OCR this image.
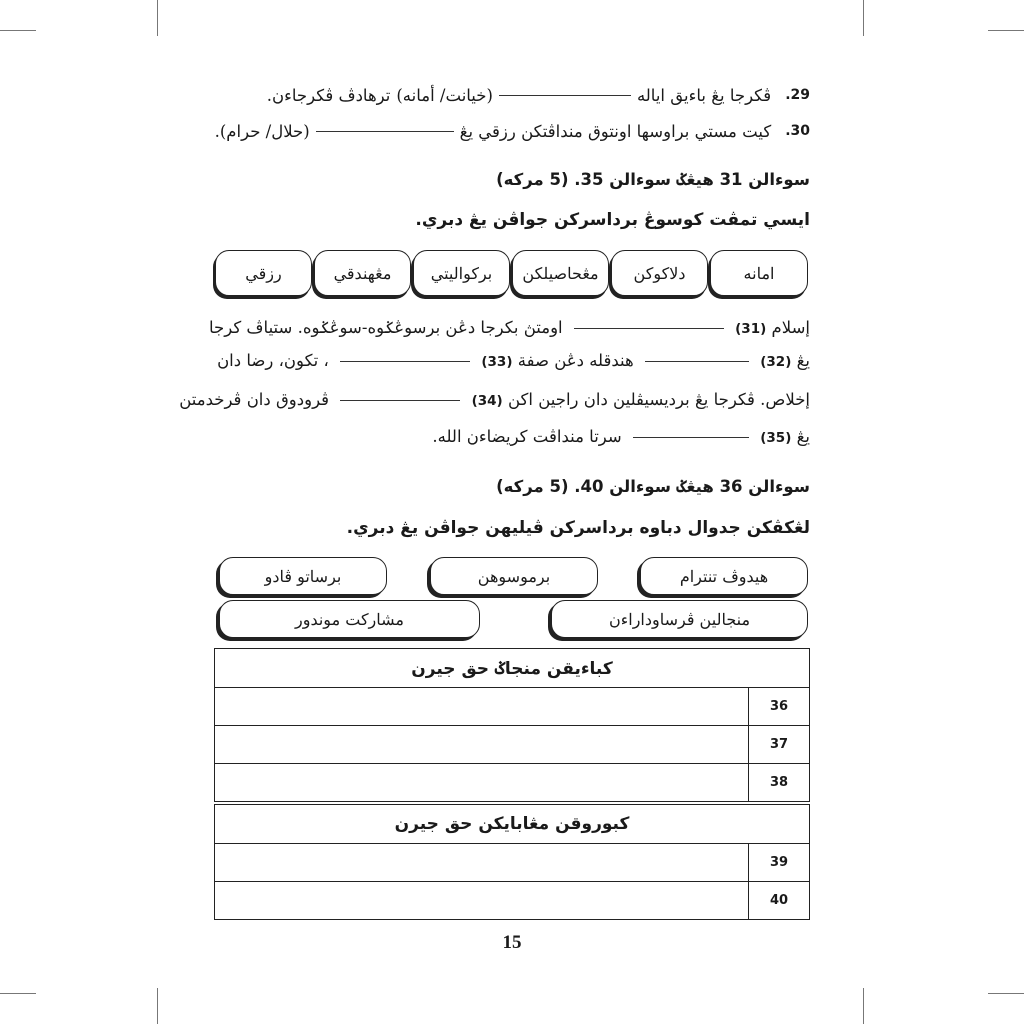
.29
ڤكرجا يڠ باءيق اياله
(خيانت/ أمانه)
ترهادڤ ڤكرجاءن.
.30
كيت مستي براوسها اونتوق منداڤتكن رزقي يڠ
(حلال/ حرام).
سوءالن 31 هيڠݢ سوءالن 35. (5 مركه)
ايسي تمڤت كوسوڠ برداسركن جواڤن يڠ دبري.
امانه
دلاكوكن
مڠحاصيلكن
بركواليتي
مڠهندقي
رزقي
إسلام (31)  اومتڽ بكرجا دڠن برسوڠݢوه-سوڠݢوه. ستياڤ كرجا
يڠ (32)  هندقله دڠن صفة (33)  ، تكون، رضا دان
إخلاص. ڤكرجا يڠ برديسيڤلين دان راجين اكن (34)  ڤرودوق دان ڤرخدمتن
يڠ (35)  سرتا منداڤت كريضاءن الله.
سوءالن 36 هيڠݢ سوءالن 40. (5 مركه)
لڠكڤكن جدوال دباوه برداسركن ڤيليهن جواڤن يڠ دبري.
هيدوڤ تنترام
برموسوهن
برساتو ڤادو
منجالين ڤرساوداراءن
مشاركت موندور
كباءيقن منجاݢ حق جيرن	
	36
	37
	38
كبوروقن مڠابايكن حق جيرن	
	39
	40
15
